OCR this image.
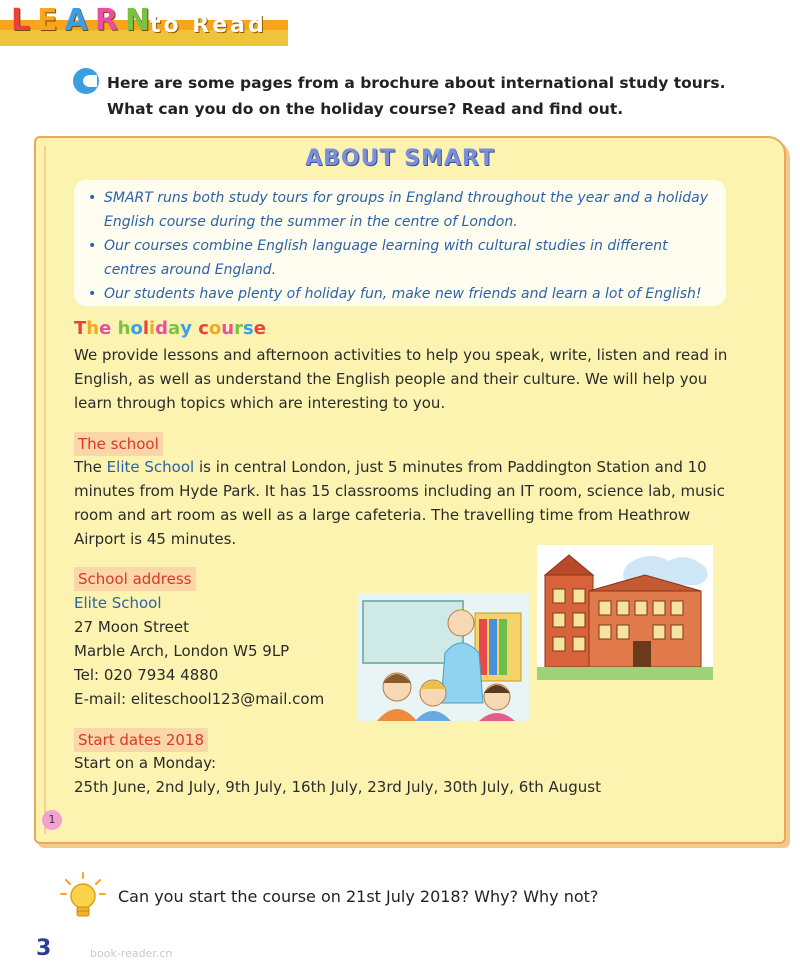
L E A R N to Read
Here are some pages from a brochure about international study tours. What can you do on the holiday course? Read and find out.
ABOUT SMART
• SMART runs both study tours for groups in England throughout the year and a holiday English course during the summer in the centre of London.
• Our courses combine English language learning with cultural studies in different centres around England.
• Our students have plenty of holiday fun, make new friends and learn a lot of English!
The holiday course
We provide lessons and afternoon activities to help you speak, write, listen and read in English, as well as understand the English people and their culture. We will help you learn through topics which are interesting to you.
The school
The Elite School is in central London, just 5 minutes from Paddington Station and 10 minutes from Hyde Park. It has 15 classrooms including an IT room, science lab, music room and art room as well as a large cafeteria. The travelling time from Heathrow Airport is 45 minutes.
School address
Elite School
27 Moon Street
Marble Arch, London W5 9LP
Tel: 020 7934 4880
E-mail: eliteschool123@mail.com
Start dates 2018
Start on a Monday:
25th June, 2nd July, 9th July, 16th July, 23rd July, 30th July, 6th August
1
Can you start the course on 21st July 2018? Why? Why not?
3	book-reader.cn
